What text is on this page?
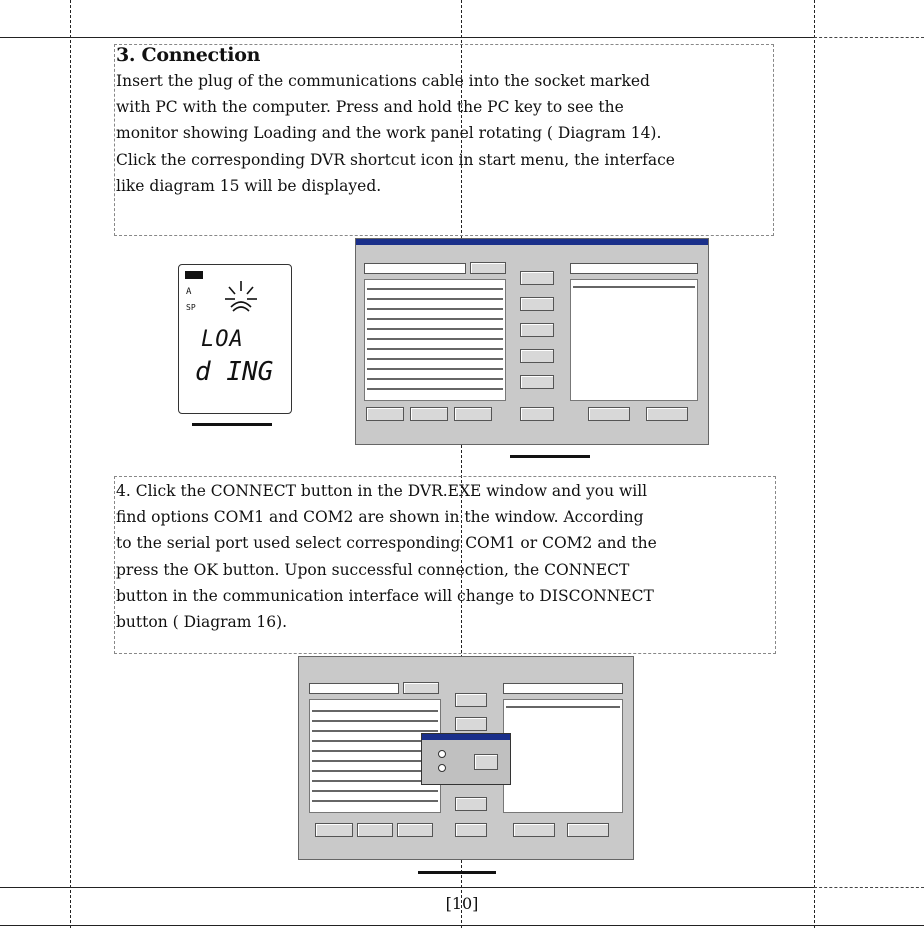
3. Connection

Insert the plug of the communications cable into the socket marked

with PC with the computer. Press and hold the PC key to see the

monitor showing Loading and the work panel rotating ( Diagram 14).

Click the corresponding DVR shortcut icon in start menu, the interface

like diagram 15 will be displayed.

A
SP
LOA
d ING

4. Click the CONNECT button in the DVR.EXE window and you will

find options COM1 and COM2 are shown in the window. According

to the serial port used select corresponding COM1 or COM2 and the

press the OK button. Upon successful connection, the CONNECT

button in the communication interface will change to DISCONNECT

button ( Diagram 16).

[10]
